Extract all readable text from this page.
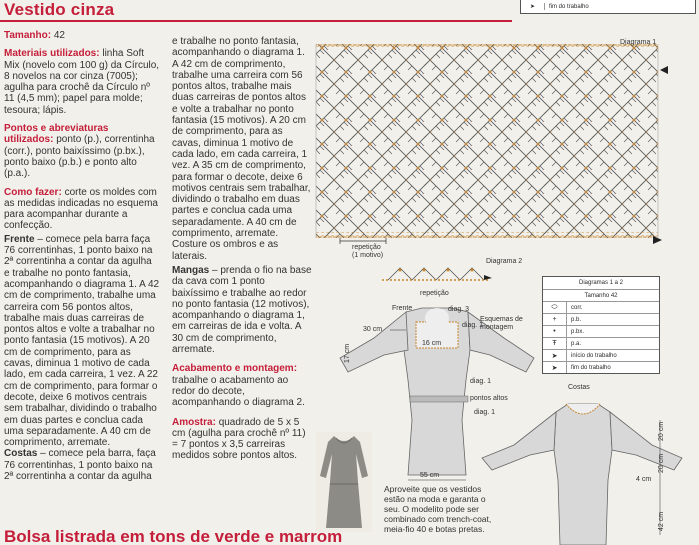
Vestido cinza	➤	fim do trabalho

Tamanho: 42

Materiais utilizados: linha Soft Mix (novelo com 100 g) da Círculo, 8 novelos na cor cinza (7005); agulha para crochê da Círculo nº 11 (4,5 mm); papel para molde; tesoura; lápis.

Pontos e abreviaturas utilizados: ponto (p.), correntinha (corr.), ponto baixíssimo (p.bx.), ponto baixo (p.b.) e ponto alto (p.a.).

Como fazer: corte os moldes com as medidas indicadas no esquema para acompanhar durante a confecção.

Frente – comece pela barra faça 76 correntinhas, 1 ponto baixo na 2ª correntinha a contar da agulha e trabalhe no ponto fantasia, acompanhando o diagrama 1. A 42 cm de comprimento, trabalhe uma carreira com 56 pontos altos, trabalhe mais duas carreiras de pontos altos e volte a trabalhar no ponto fantasia (15 motivos). A 20 cm de comprimento, para as cavas, diminua 1 motivo de cada lado, em cada carreira, 1 vez. A 22 cm de comprimento, para formar o decote, deixe 6 motivos centrais sem trabalhar, dividindo o trabalho em duas partes e conclua cada uma separadamente. A 40 cm de comprimento, arremate.

Costas – comece pela barra, faça 76 correntinhas, 1 ponto baixo na 2ª correntinha a contar da agulha

e trabalhe no ponto fantasia, acompanhando o diagrama 1. A 42 cm de comprimento, trabalhe uma carreira com 56 pontos altos, trabalhe mais duas carreiras de pontos altos e volte a trabalhar no ponto fantasia (15 motivos). A 20 cm de comprimento, para as cavas, diminua 1 motivo de cada lado, em cada carreira, 1 vez. A 35 cm de comprimento, para formar o decote, deixe 6 motivos centrais sem trabalhar, dividindo o trabalho em duas partes e conclua cada uma separadamente. A 40 cm de comprimento, arremate. Costure os ombros e as laterais.

Mangas – prenda o fio na base da cava com 1 ponto baixíssimo e trabalhe ao redor no ponto fantasia (12 motivos), acompanhando o diagrama 1, em carreiras de ida e volta. A 30 cm de comprimento, arremate.

Acabamento e montagem: trabalhe o acabamento ao redor do decote, acompanhando o diagrama 2.

Amostra: quadrado de 5 x 5 cm (agulha para crochê nº 11) = 7 pontos x 3,5 carreiras medidos sobre pontos altos.

Diagrama 1
repetição
(1 motivo)
Diagrama 2
repetição
Diagramas 1 a 2
Tamanho 42
⬭	corr.
+	p.b.
•	p.bx.
Ŧ	p.a.
➤	início do trabalho
➤	fim do trabalho
Frente	diag. 3
diag. 1
Esquemas de montagem
30 cm
17 cm
16 cm
diag. 1
pontos altos
diag. 1
55 cm
Costas
20 cm
20 cm
4 cm
42 cm
Aproveite que os vestidos estão na moda e garanta o seu. O modelito pode ser combinado com trench-coat, meia-fio 40 e botas pretas.
Bolsa listrada em tons de verde e marrom
